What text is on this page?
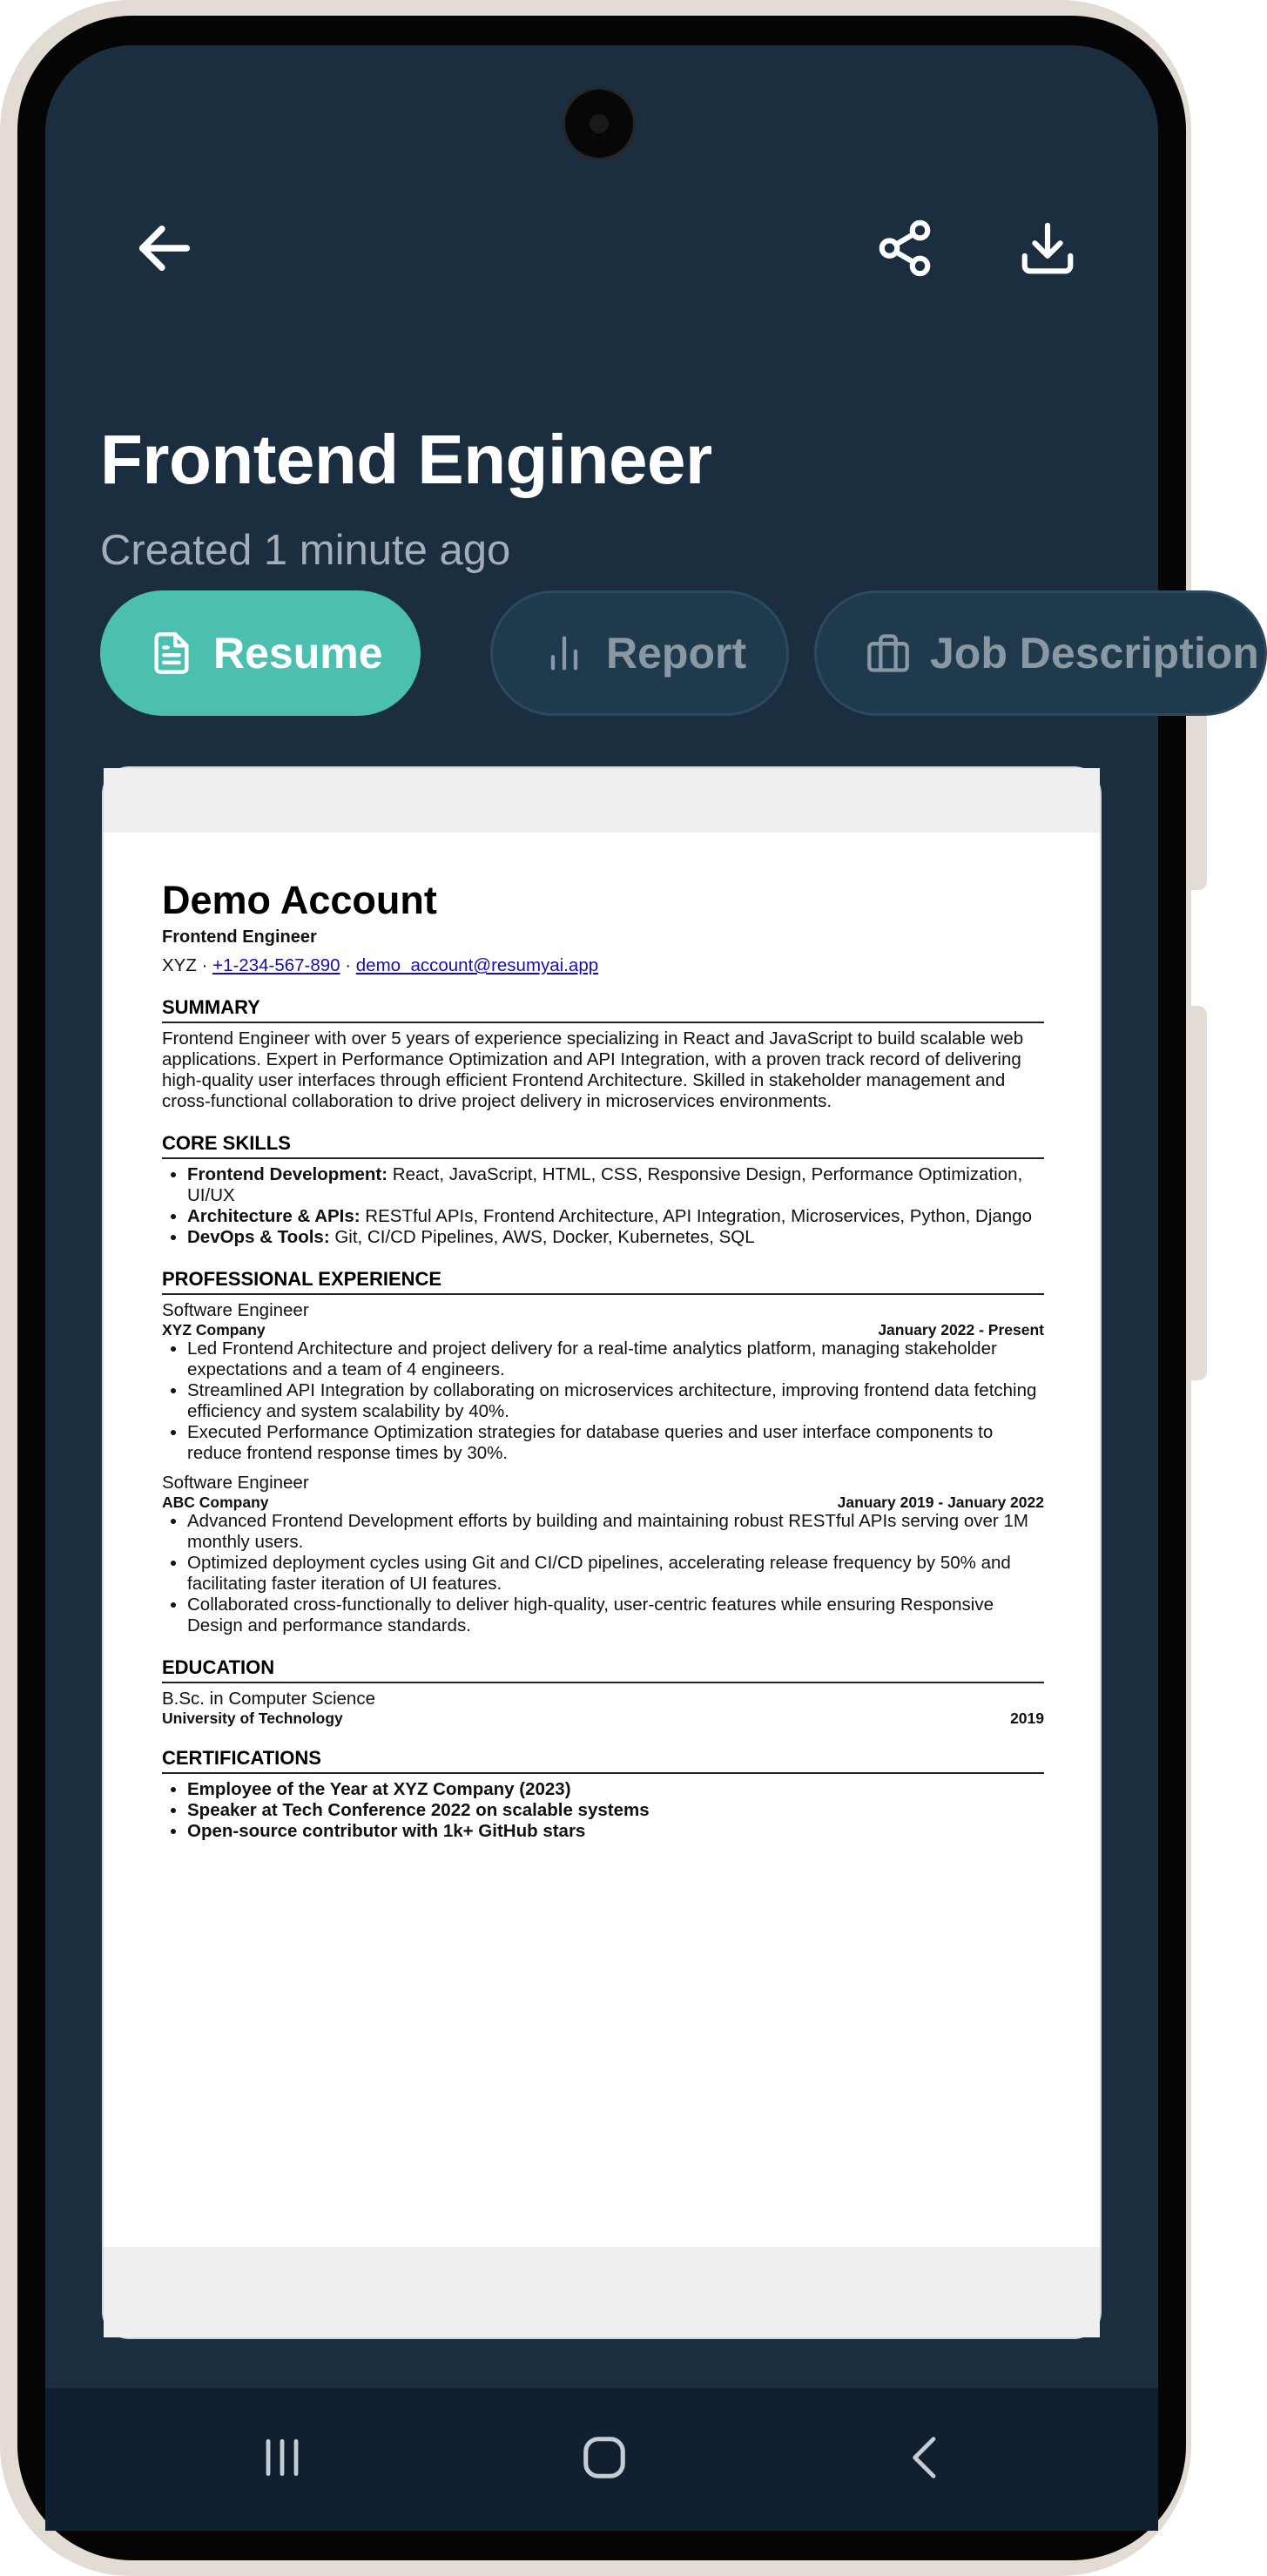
Frontend Engineer
Created 1 minute ago
Resume	Report	Job Description
Demo Account
Frontend Engineer
XYZ · +1-234-567-890 · demo_account@resumyai.app
SUMMARY

Frontend Engineer with over 5 years of experience specializing in React and JavaScript to build scalable web applications. Expert in Performance Optimization and API Integration, with a proven track record of delivering high-quality user interfaces through efficient Frontend Architecture. Skilled in stakeholder management and cross-functional collaboration to drive project delivery in microservices environments.

CORE SKILLS
• Frontend Development: React, JavaScript, HTML, CSS, Responsive Design, Performance Optimization, UI/UX
• Architecture & APIs: RESTful APIs, Frontend Architecture, API Integration, Microservices, Python, Django
• DevOps & Tools: Git, CI/CD Pipelines, AWS, Docker, Kubernetes, SQL
PROFESSIONAL EXPERIENCE
Software Engineer
XYZ Company	January 2022 - Present
• Led Frontend Architecture and project delivery for a real-time analytics platform, managing stakeholder expectations and a team of 4 engineers.
• Streamlined API Integration by collaborating on microservices architecture, improving frontend data fetching efficiency and system scalability by 40%.
• Executed Performance Optimization strategies for database queries and user interface components to reduce frontend response times by 30%.
Software Engineer
ABC Company	January 2019 - January 2022
• Advanced Frontend Development efforts by building and maintaining robust RESTful APIs serving over 1M monthly users.
• Optimized deployment cycles using Git and CI/CD pipelines, accelerating release frequency by 50% and facilitating faster iteration of UI features.
• Collaborated cross-functionally to deliver high-quality, user-centric features while ensuring Responsive Design and performance standards.
EDUCATION
B.Sc. in Computer Science
University of Technology	2019
CERTIFICATIONS
• Employee of the Year at XYZ Company (2023)
• Speaker at Tech Conference 2022 on scalable systems
• Open-source contributor with 1k+ GitHub stars
